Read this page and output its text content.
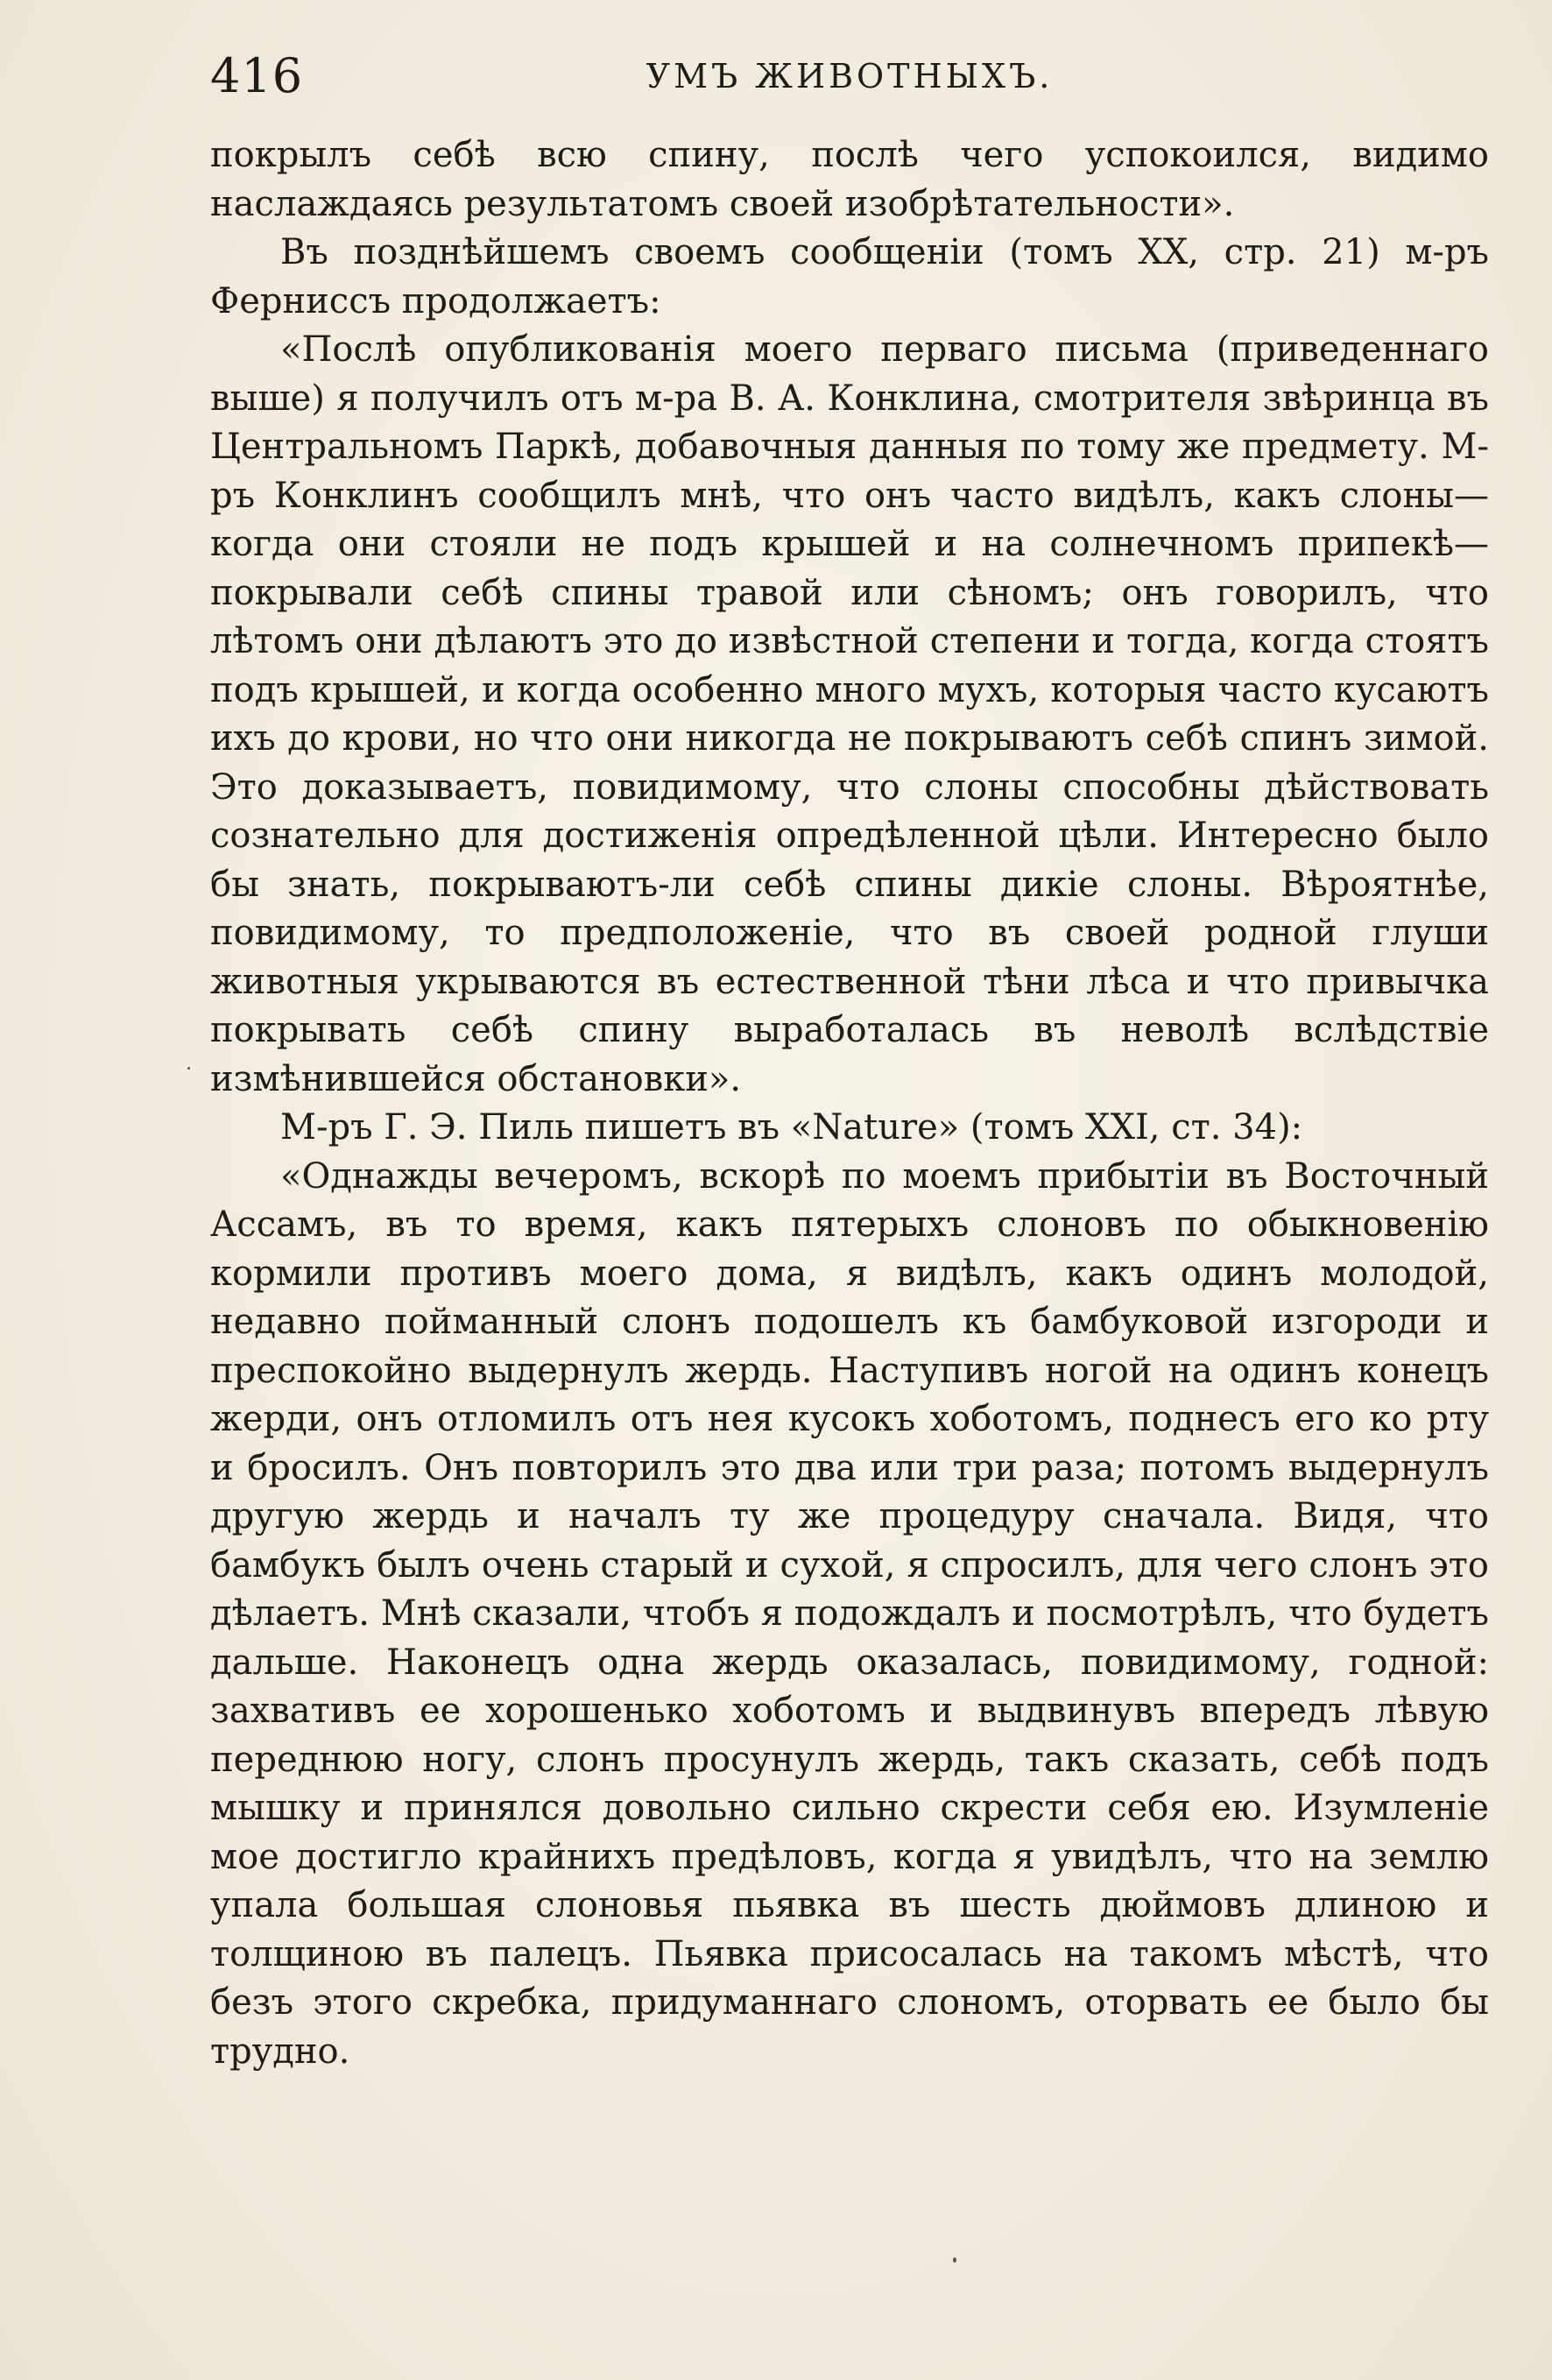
416	УМЪ ЖИВОТНЫХЪ.

покрылъ себѣ всю спину, послѣ чего успокоился, видимо наслаждаясь результатомъ своей изобрѣтательности».

Въ позднѣйшемъ своемъ сообщеніи (томъ XX, стр. 21) м-ръ Ферниссъ продолжаетъ:

«Послѣ опубликованія моего перваго письма (приведеннаго выше) я получилъ отъ м-ра В. А. Конклина, смотрителя звѣринца въ Центральномъ Паркѣ, добавочныя данныя по тому же предмету. М-ръ Конклинъ сообщилъ мнѣ, что онъ часто видѣлъ, какъ слоны—когда они стояли не подъ крышей и на солнечномъ припекѣ—покрывали себѣ спины травой или сѣномъ; онъ говорилъ, что лѣтомъ они дѣлаютъ это до извѣстной степени и тогда, когда стоятъ подъ крышей, и когда особенно много мухъ, которыя часто кусаютъ ихъ до крови, но что они никогда не покрываютъ себѣ спинъ зимой. Это доказываетъ, повидимому, что слоны способны дѣйствовать сознательно для достиженія опредѣленной цѣли. Интересно было бы знать, покрываютъ-ли себѣ спины дикіе слоны. Вѣроятнѣе, повидимому, то предположеніе, что въ своей родной глуши животныя укрываются въ естественной тѣни лѣса и что привычка покрывать себѣ спину выработалась въ неволѣ вслѣдствіе измѣнившейся обстановки».

М-ръ Г. Э. Пиль пишетъ въ «Nature» (томъ XXI, ст. 34):

«Однажды вечеромъ, вскорѣ по моемъ прибытіи въ Восточный Ассамъ, въ то время, какъ пятерыхъ слоновъ по обыкновенію кормили противъ моего дома, я видѣлъ, какъ одинъ молодой, недавно пойманный слонъ подошелъ къ бамбуковой изгороди и преспокойно выдернулъ жердь. Наступивъ ногой на одинъ конецъ жерди, онъ отломилъ отъ нея кусокъ хоботомъ, поднесъ его ко рту и бросилъ. Онъ повторилъ это два или три раза; потомъ выдернулъ другую жердь и началъ ту же процедуру сначала. Видя, что бамбукъ былъ очень старый и сухой, я спросилъ, для чего слонъ это дѣлаетъ. Мнѣ сказали, чтобъ я подождалъ и посмотрѣлъ, что будетъ дальше. Наконецъ одна жердь оказалась, повидимому, годной: захвативъ ее хорошенько хоботомъ и выдвинувъ впередъ лѣвую переднюю ногу, слонъ просунулъ жердь, такъ сказать, себѣ подъ мышку и принялся довольно сильно скрести себя ею. Изумленіе мое достигло крайнихъ предѣловъ, когда я увидѣлъ, что на землю упала большая слоновья пьявка въ шесть дюймовъ длиною и толщиною въ палецъ. Пьявка присосалась на такомъ мѣстѣ, что безъ этого скребка, придуманнаго слономъ, оторвать ее было бы трудно.
